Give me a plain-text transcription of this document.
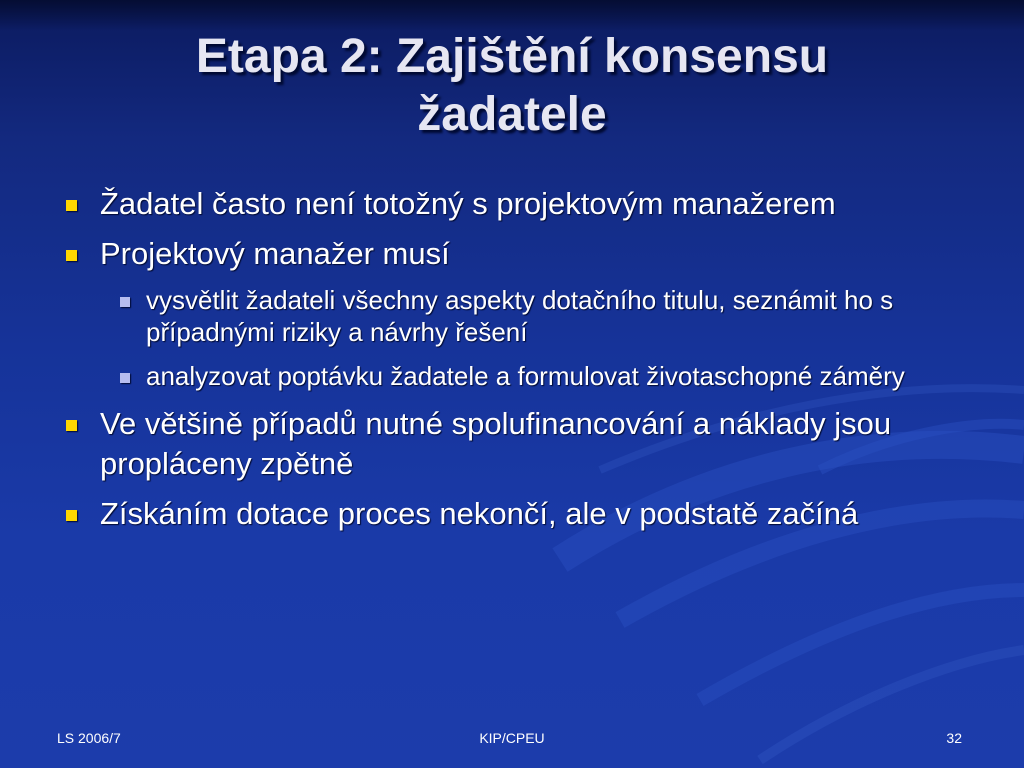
Etapa 2: Zajištění konsensu
žadatele
Žadatel často není totožný s projektovým manažerem
Projektový manažer musí
vysvětlit žadateli všechny aspekty dotačního titulu, seznámit ho s případnými riziky a návrhy řešení
analyzovat poptávku žadatele a formulovat životaschopné záměry
Ve většině případů nutné spolufinancování a náklady jsou propláceny zpětně
Získáním dotace proces nekončí, ale v podstatě začíná
LS 2006/7	KIP/CPEU	32
